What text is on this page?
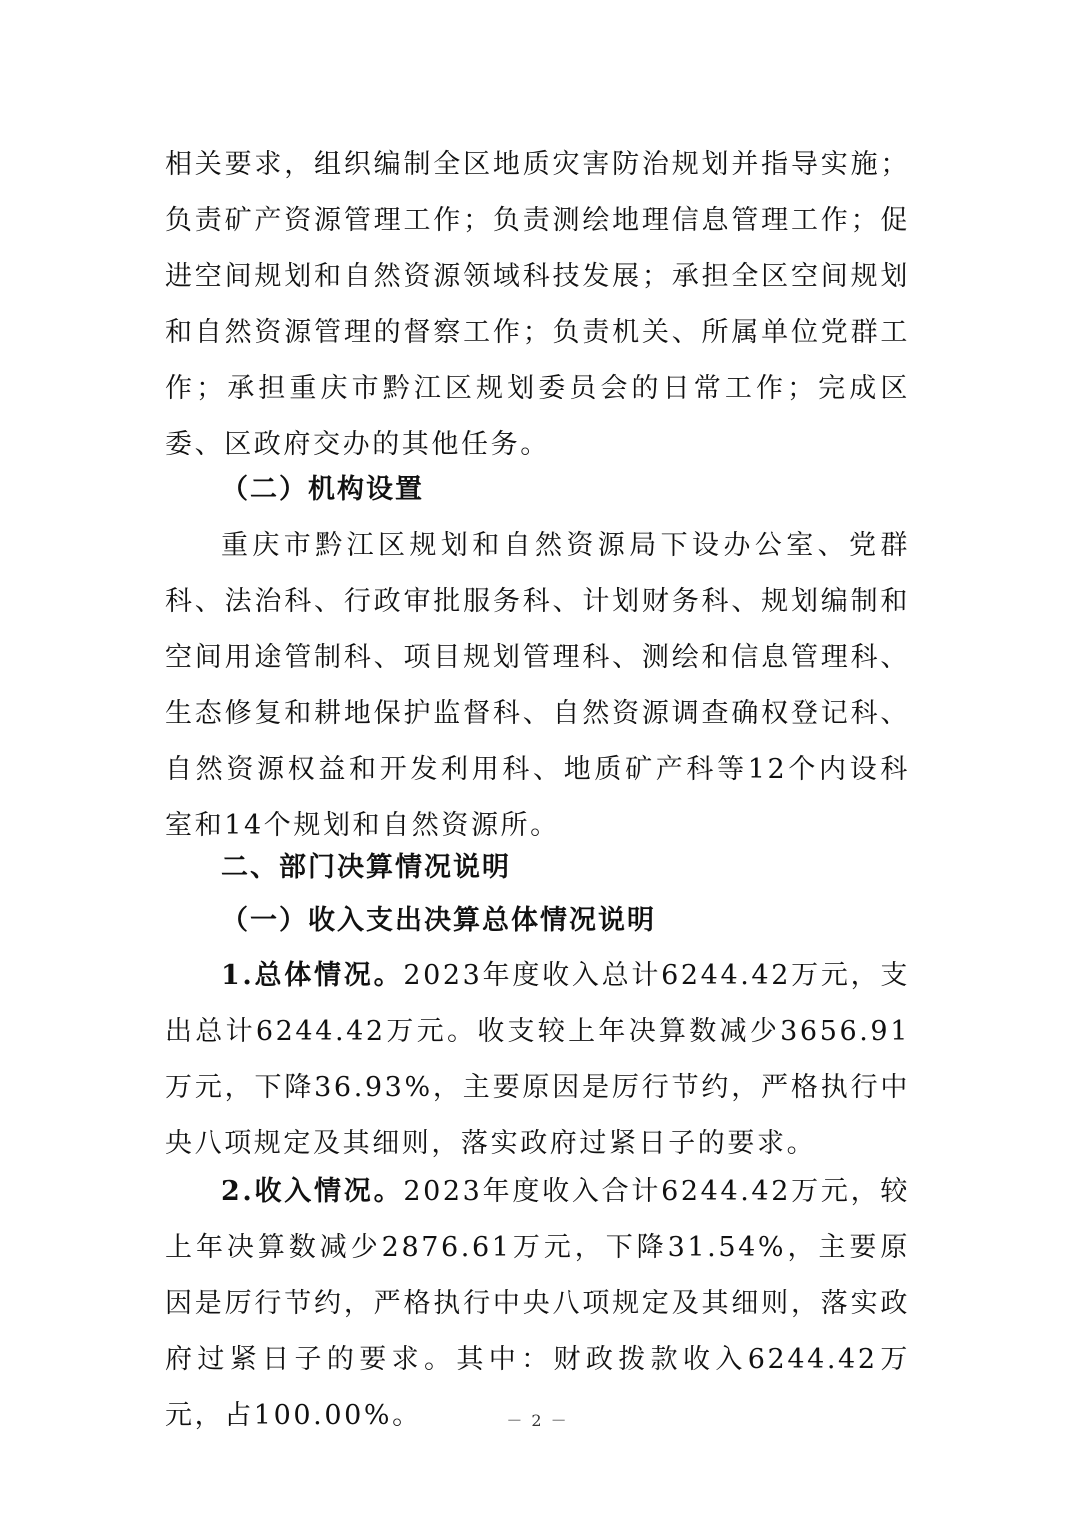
相关要求，组织编制全区地质灾害防治规划并指导实施；负责矿产资源管理工作；负责测绘地理信息管理工作；促进空间规划和自然资源领域科技发展；承担全区空间规划和自然资源管理的督察工作；负责机关、所属单位党群工作；承担重庆市黔江区规划委员会的日常工作；完成区委、区政府交办的其他任务。

（二）机构设置

重庆市黔江区规划和自然资源局下设办公室、党群科、法治科、行政审批服务科、计划财务科、规划编制和空间用途管制科、项目规划管理科、测绘和信息管理科、生态修复和耕地保护监督科、自然资源调查确权登记科、自然资源权益和开发利用科、地质矿产科等12个内设科室和14个规划和自然资源所。

二、部门决算情况说明

（一）收入支出决算总体情况说明

1.总体情况。2023年度收入总计6244.42万元，支出总计6244.42万元。收支较上年决算数减少3656.91万元，下降36.93%，主要原因是厉行节约，严格执行中央八项规定及其细则，落实政府过紧日子的要求。

2.收入情况。2023年度收入合计6244.42万元，较上年决算数减少2876.61万元，下降31.54%，主要原因是厉行节约，严格执行中央八项规定及其细则，落实政府过紧日子的要求。其中：财政拨款收入6244.42万元，占100.00%。	－ 2 －
